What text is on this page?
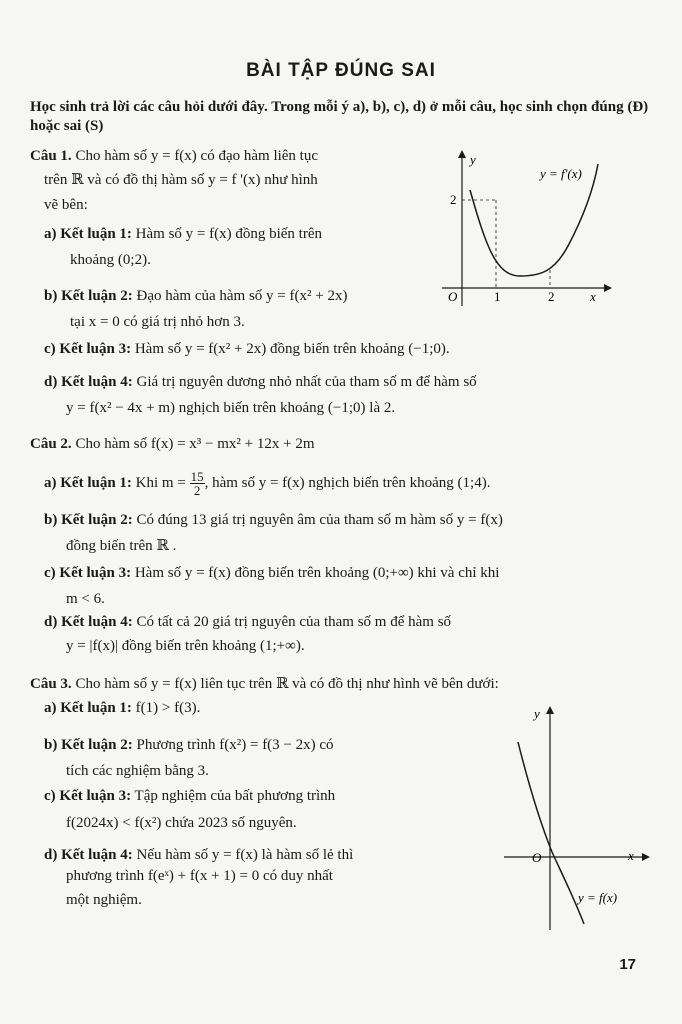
BÀI TẬP ĐÚNG SAI
Học sinh trả lời các câu hỏi dưới đây. Trong mỗi ý a), b), c), d) ở mỗi câu, học sinh chọn đúng (Đ) hoặc sai (S)
Câu 1. Cho hàm số y = f(x) có đạo hàm liên tục
trên ℝ và có đồ thị hàm số y = f '(x) như hình
vẽ bên:
a) Kết luận 1: Hàm số y = f(x) đồng biến trên
khoảng (0;2).
b) Kết luận 2: Đạo hàm của hàm số y = f(x² + 2x)
tại x = 0 có giá trị nhỏ hơn 3.
c) Kết luận 3: Hàm số y = f(x² + 2x) đồng biến trên khoảng (−1;0).
d) Kết luận 4: Giá trị nguyên dương nhỏ nhất của tham số m để hàm số
y = f(x² − 4x + m) nghịch biến trên khoảng (−1;0) là 2.
y
y = f'(x)
2
O	1	2	x
Câu 2. Cho hàm số f(x) = x³ − mx² + 12x + 2m
a) Kết luận 1: Khi $m = \frac{15}{2}$ , hàm số y = f(x) nghịch biến trên khoảng (1;4).
b) Kết luận 2: Có đúng 13 giá trị nguyên âm của tham số m hàm số y = f(x)
đồng biến trên ℝ .
c) Kết luận 3: Hàm số y = f(x) đồng biến trên khoảng (0;+∞) khi và chỉ khi
m < 6.
d) Kết luận 4: Có tất cả 20 giá trị nguyên của tham số m để hàm số
y = |f(x)| đồng biến trên khoảng (1;+∞).
Câu 3. Cho hàm số y = f(x) liên tục trên ℝ và có đồ thị như hình vẽ bên dưới:
a) Kết luận 1: f(1) > f(3).
b) Kết luận 2: Phương trình f(x²) = f(3 − 2x) có
tích các nghiệm bằng 3.
c) Kết luận 3: Tập nghiệm của bất phương trình
f(2024x) < f(x²) chứa 2023 số nguyên.
d) Kết luận 4: Nếu hàm số y = f(x) là hàm số lẻ thì
phương trình f(eˣ) + f(x + 1) = 0 có duy nhất
một nghiệm.
y
O	x
y = f(x)
17
